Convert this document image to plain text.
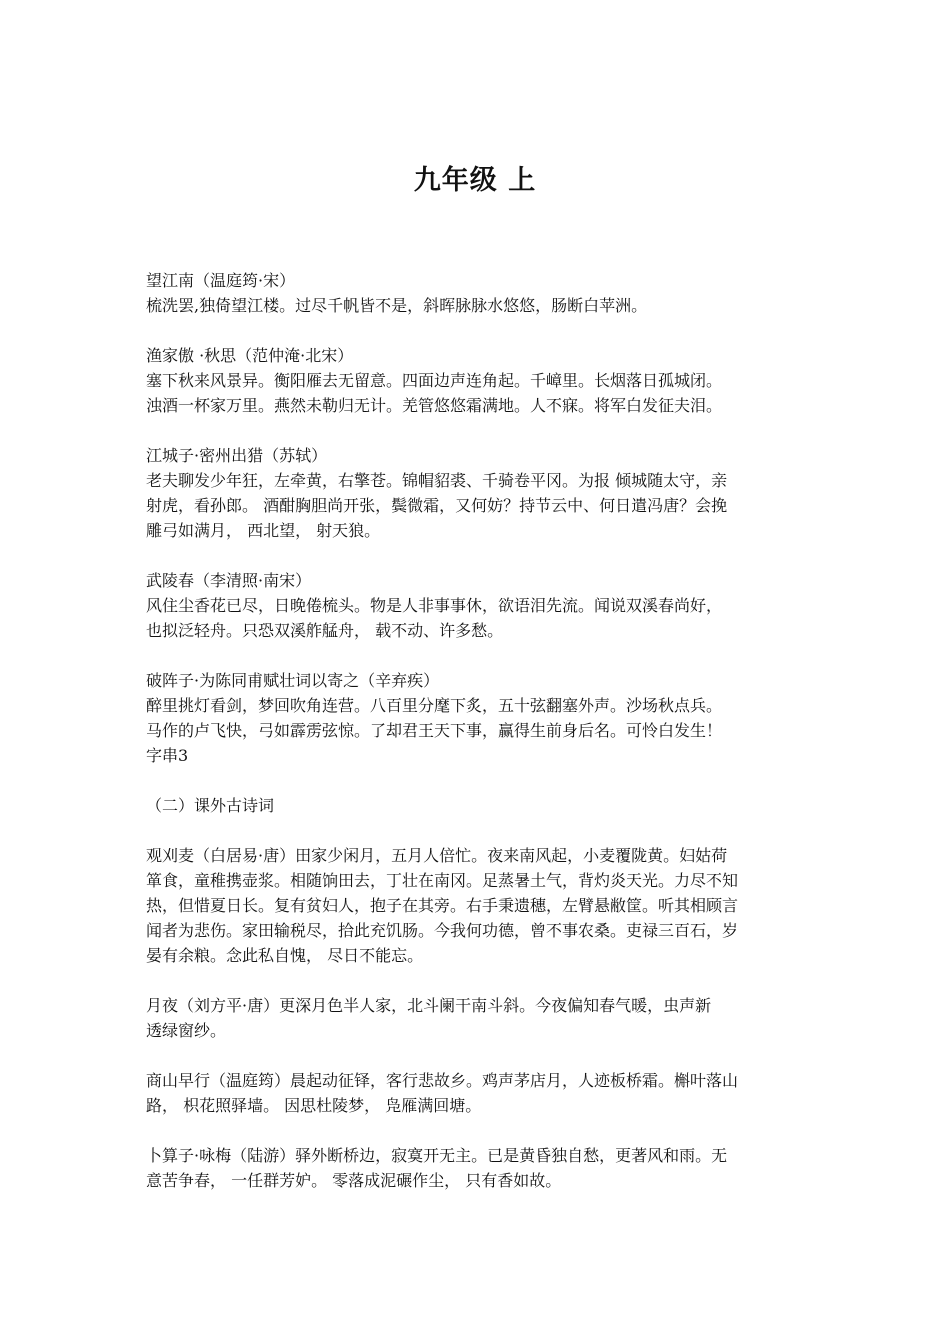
九年级 上
望江南（温庭筠·宋）
梳洗罢,独倚望江楼。过尽千帆皆不是，斜晖脉脉水悠悠，肠断白苹洲。
渔家傲 ·秋思（范仲淹·北宋）
塞下秋来风景异。衡阳雁去无留意。四面边声连角起。千嶂里。长烟落日孤城闭。
浊酒一杯家万里。燕然未勒归无计。羌管悠悠霜满地。人不寐。将军白发征夫泪。
江城子·密州出猎（苏轼）
老夫聊发少年狂，左牵黄，右擎苍。锦帽貂裘、千骑卷平冈。为报 倾城随太守，亲
射虎，看孙郎。 酒酣胸胆尚开张，鬓微霜，又何妨？持节云中、何日遣冯唐？会挽
雕弓如满月， 西北望， 射天狼。
武陵春（李清照·南宋）
风住尘香花已尽，日晚倦梳头。物是人非事事休，欲语泪先流。闻说双溪春尚好，
也拟泛轻舟。只恐双溪舴艋舟， 载不动、许多愁。
破阵子·为陈同甫赋壮词以寄之（辛弃疾）
醉里挑灯看剑，梦回吹角连营。八百里分麾下炙，五十弦翻塞外声。沙场秋点兵。
马作的卢飞快，弓如霹雳弦惊。了却君王天下事，赢得生前身后名。可怜白发生！
字串3
（二）课外古诗词
观刈麦（白居易·唐）田家少闲月，五月人倍忙。夜来南风起，小麦覆陇黄。妇姑荷
箪食，童稚携壶浆。相随饷田去，丁壮在南冈。足蒸暑土气，背灼炎天光。力尽不知
热，但惜夏日长。复有贫妇人，抱子在其旁。右手秉遗穗，左臂悬敝筐。听其相顾言
闻者为悲伤。家田输税尽，拾此充饥肠。今我何功德，曾不事农桑。吏禄三百石，岁
晏有余粮。念此私自愧， 尽日不能忘。
月夜（刘方平·唐）更深月色半人家，北斗阑干南斗斜。今夜偏知春气暖，虫声新
透绿窗纱。
商山早行（温庭筠）晨起动征铎，客行悲故乡。鸡声茅店月，人迹板桥霜。槲叶落山
路， 枳花照驿墙。 因思杜陵梦， 凫雁满回塘。
卜算子·咏梅（陆游）驿外断桥边，寂寞开无主。已是黄昏独自愁，更著风和雨。无
意苦争春， 一任群芳妒。 零落成泥碾作尘， 只有香如故。
